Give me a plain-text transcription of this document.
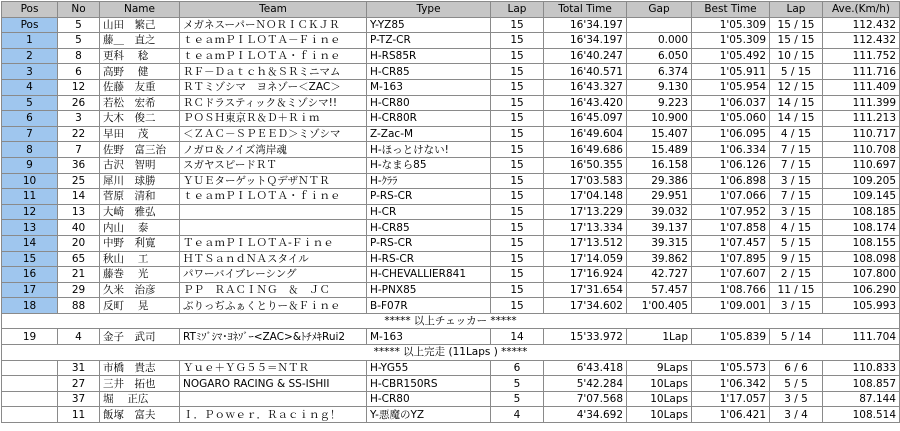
Pos	No	Name	Team	Type	Lap	Total Time	Gap	Best Time	Lap	Ave.(Km/h)
Pos	5	山田　繁己	メガネスーパーＮＯＲＩＣＫＪＲ	Y-YZ85	15	16'34.197		1'05.309	15 / 15	112.432
1	5	藤＿　直之	ｔｅａｍＰＩＬＯＴＡ－Ｆｉｎｅ	P-TZ-CR	15	16'34.197	0.000	1'05.309	15 / 15	112.432
2	8	更科　 稔	ｔｅａｍＰＩＬＯＴＡ・ｆｉｎｅ	H-RS85R	15	16'40.247	6.050	1'05.492	10 / 15	111.752
3	6	高野　 健	ＲＦ－Ｄａｔｃｈ＆ＳＲミニマム	H-CR85	15	16'40.571	6.374	1'05.911	5 / 15	111.716
4	12	佐藤　友重	ＲＴミゾシマ　ヨネゾー＜ZAC＞	M-163	15	16'43.327	9.130	1'05.954	12 / 15	111.409
5	26	若松　宏希	ＲＣドラスティック＆ミゾシマ!!	H-CR80	15	16'43.420	9.223	1'06.037	14 / 15	111.399
6	3	大木　俊二	ＰＯＳＨ東京Ｒ＆Ｄ＋Ｒｉｍ	H-CR80R	15	16'45.097	10.900	1'05.060	14 / 15	111.213
7	22	早田　 茂	＜ＺＡＣ－ＳＰＥＥＤ＞ミゾシマ	Z-Zac-M	15	16'49.604	15.407	1'06.095	4 / 15	110.717
8	7	佐野　富三治	ノガロ＆ノイズ湾岸魂	H-ほっとけない!	15	16'49.686	15.489	1'06.334	7 / 15	110.708
9	36	古沢　智明	スガヤスピードＲＴ	H-なまら85	15	16'50.355	16.158	1'06.126	7 / 15	110.697
10	25	犀川　球勝	ＹＵＥターゲットＱデザＮＴＲ	H-ｸﾗﾗ	15	17'03.583	29.386	1'06.898	3 / 15	109.205
11	14	菅原　清和	ｔｅａｍＰＩＬＯＴＡ・ｆｉｎｅ	P-RS-CR	15	17'04.148	29.951	1'07.066	7 / 15	109.145
12	13	大崎　雅弘		H-CR	15	17'13.229	39.032	1'07.952	3 / 15	108.185
13	40	内山　 泰		H-CR85	15	17'13.334	39.137	1'07.858	4 / 15	108.174
14	20	中野　利寛	ＴｅａｍＰＩＬＯＴＡ-Ｆｉｎｅ	P-RS-CR	15	17'13.512	39.315	1'07.457	5 / 15	108.155
15	65	秋山　 工	ＨＴＳａｎｄＮＡスタイル	H-RS-CR	15	17'14.059	39.862	1'07.895	9 / 15	108.098
16	21	藤巻　 光	パワーバイブレーシング	H-CHEVALLIER841	15	17'16.924	42.727	1'07.607	2 / 15	107.800
17	29	久米　治彦	ＰＰ　ＲＡＣＩＮＧ　＆　ＪＣ	H-PNX85	15	17'31.654	57.457	1'08.766	11 / 15	106.290
18	88	反町　 晃	ぶりっぢふぁくとりー＆Ｆｉｎｅ	B-F07R	15	17'34.602	1'00.405	1'09.001	3 / 15	105.993
***** 以上チェッカー *****										
19	4	金子　武司	RTﾐｿﾞｼﾏ･ﾖﾈｿﾞｰ<ZAC>&ﾄﾁﾒｷRui2	M-163	14	15'33.972	1Lap	1'05.839	5 / 14	111.704
***** 以上完走 (11Laps ) *****										
	31	市橋　貴志	Ｙｕｅ＋ＹＧ５５＝ＮＴＲ	H-YG55	6	6'43.418	9Laps	1'05.573	6 / 6	110.833
	27	三井　拓也	NOGARO RACING & SS-ISHII	H-CBR150RS	5	5'42.284	10Laps	1'06.342	5 / 5	108.857
	37	堀　 正広		H-CR80	5	7'07.568	10Laps	1'17.057	3 / 5	87.144
	11	飯塚　富夫	Ｉ．Ｐｏｗｅｒ．Ｒａｃｉｎｇ！	Y-悪魔のYZ	4	4'34.692	10Laps	1'06.421	3 / 4	108.514
